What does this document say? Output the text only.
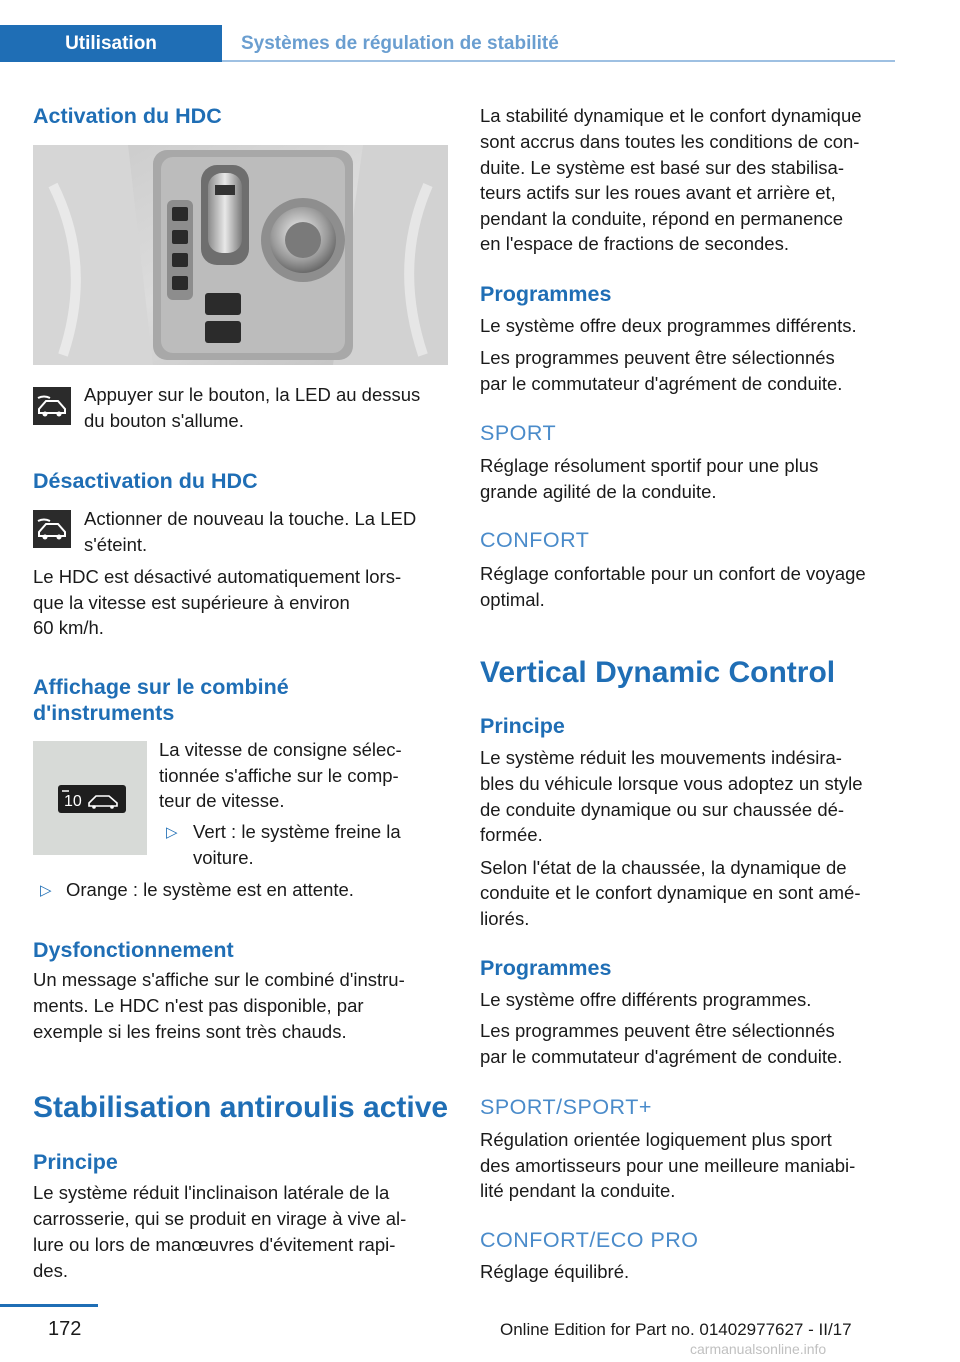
Utilisation	Systèmes de régulation de stabilité
Activation du HDC

Appuyer sur le bouton, la LED au dessus

du bouton s'allume.

Désactivation du HDC

Actionner de nouveau la touche. La LED

s'éteint.

Le HDC est désactivé automatiquement lors‐

que la vitesse est supérieure à environ

60 km/h.

Affichage sur le combiné
d'instruments
10

La vitesse de consigne sélec‐

tionnée s'affiche sur le comp‐

teur de vitesse.

▷ Vert : le système freine la

voiture.

▷ Orange : le système est en attente.

Dysfonctionnement

Un message s'affiche sur le combiné d'instru‐

ments. Le HDC n'est pas disponible, par

exemple si les freins sont très chauds.

Stabilisation antiroulis active
Principe

Le système réduit l'inclinaison latérale de la

carrosserie, qui se produit en virage à vive al‐

lure ou lors de manœuvres d'évitement rapi‐

des.

La stabilité dynamique et le confort dynamique

sont accrus dans toutes les conditions de con‐

duite. Le système est basé sur des stabilisa‐

teurs actifs sur les roues avant et arrière et,

pendant la conduite, répond en permanence

en l'espace de fractions de secondes.

Programmes

Le système offre deux programmes différents.

Les programmes peuvent être sélectionnés

par le commutateur d'agrément de conduite.

SPORT

Réglage résolument sportif pour une plus

grande agilité de la conduite.

CONFORT

Réglage confortable pour un confort de voyage

optimal.

Vertical Dynamic Control
Principe

Le système réduit les mouvements indésira‐

bles du véhicule lorsque vous adoptez un style

de conduite dynamique ou sur chaussée dé‐

formée.

Selon l'état de la chaussée, la dynamique de

conduite et le confort dynamique en sont amé‐

liorés.

Programmes

Le système offre différents programmes.

Les programmes peuvent être sélectionnés

par le commutateur d'agrément de conduite.

SPORT/SPORT+

Régulation orientée logiquement plus sport

des amortisseurs pour une meilleure maniabi‐

lité pendant la conduite.

CONFORT/ECO PRO

Réglage équilibré.

172	Online Edition for Part no. 01402977627 - II/17
carmanualsonline.info
